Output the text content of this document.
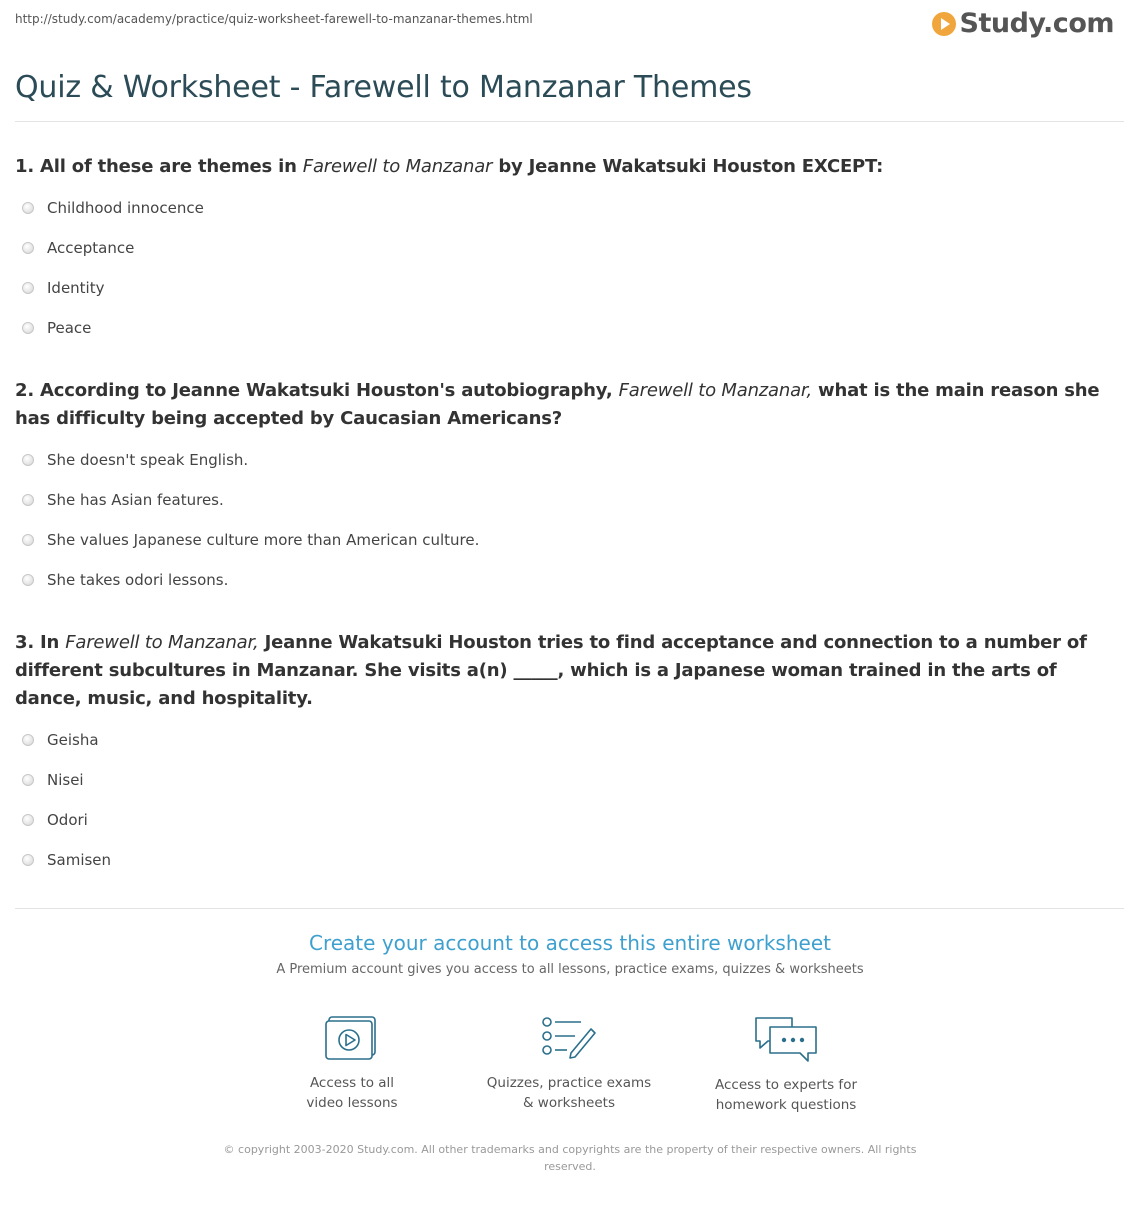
http://study.com/academy/practice/quiz-worksheet-farewell-to-manzanar-themes.html	Study.com
Quiz & Worksheet - Farewell to Manzanar Themes
1. All of these are themes in Farewell to Manzanar by Jeanne Wakatsuki Houston EXCEPT:
Childhood innocence
Acceptance
Identity
Peace
2. According to Jeanne Wakatsuki Houston's autobiography, Farewell to Manzanar, what is the main reason she has difficulty being accepted by Caucasian Americans?
She doesn't speak English.
She has Asian features.
She values Japanese culture more than American culture.
She takes odori lessons.
3. In Farewell to Manzanar, Jeanne Wakatsuki Houston tries to find acceptance and connection to a number of different subcultures in Manzanar. She visits a(n) _____, which is a Japanese woman trained in the arts of dance, music, and hospitality.
Geisha
Nisei
Odori
Samisen
Create your account to access this entire worksheet
A Premium account gives you access to all lessons, practice exams, quizzes & worksheets
Access to all
video lessons
Quizzes, practice exams
& worksheets
Access to experts for
homework questions
© copyright 2003-2020 Study.com. All other trademarks and copyrights are the property of their respective owners. All rights reserved.
